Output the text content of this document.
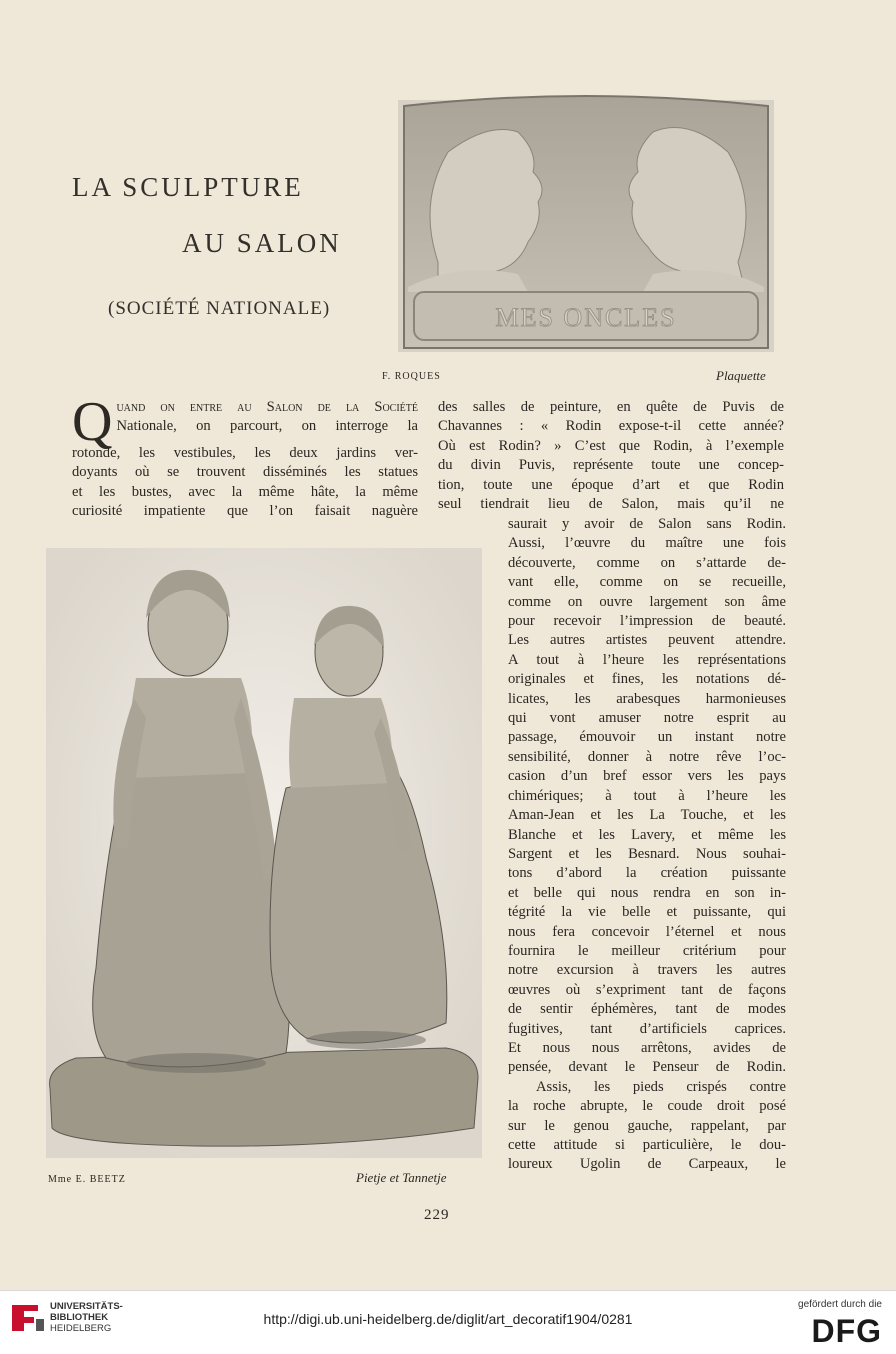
LA SCULPTURE
AU SALON
(SOCIÉTÉ NATIONALE)	MES ONCLES
F. ROQUES	Plaquette
Q uand on entre au Salon de la Société

Nationale, on parcourt, on interroge la

rotonde, les vestibules, les deux jardins ver-

doyants où se trouvent disséminés les statues

et les bustes, avec la même hâte, la même

curiosité impatiente que l’on faisait naguère

des salles de peinture, en quête de Puvis de

Chavannes : « Rodin expose-t-il cette année?

Où est Rodin? » C’est que Rodin, à l’exemple

du divin Puvis, représente toute une concep-

tion, toute une époque d’art et que Rodin

seul tiendrait lieu de Salon, mais qu’il ne

saurait y avoir de Salon sans Rodin.

Aussi, l’œuvre du maître une fois

découverte, comme on s’attarde de-

vant elle, comme on se recueille,

comme on ouvre largement son âme

pour recevoir l’impression de beauté.

Les autres artistes peuvent attendre.

A tout à l’heure les représentations

originales et fines, les notations dé-

licates, les arabesques harmonieuses

qui vont amuser notre esprit au

passage, émouvoir un instant notre

sensibilité, donner à notre rêve l’oc-

casion d’un bref essor vers les pays

chimériques; à tout à l’heure les

Aman-Jean et les La Touche, et les

Blanche et les Lavery, et même les

Sargent et les Besnard. Nous souhai-

tons d’abord la création puissante

et belle qui nous rendra en son in-

tégrité la vie belle et puissante, qui

nous fera concevoir l’éternel et nous

fournira le meilleur critérium pour

notre excursion à travers les autres

œuvres où s’expriment tant de façons

de sentir éphémères, tant de modes

fugitives, tant d’artificiels caprices.

Et nous nous arrêtons, avides de

pensée, devant le Penseur de Rodin.

Assis, les pieds crispés contre

la roche abrupte, le coude droit posé

sur le genou gauche, rappelant, par

cette attitude si particulière, le dou-

loureux Ugolin de Carpeaux, le

Mme E. BEETZ	Pietje et Tannetje
229
UNIVERSITÄTS-
BIBLIOTHEK
HEIDELBERG
http://digi.ub.uni-heidelberg.de/diglit/art_decoratif1904/0281
gefördert durch die
DFG
